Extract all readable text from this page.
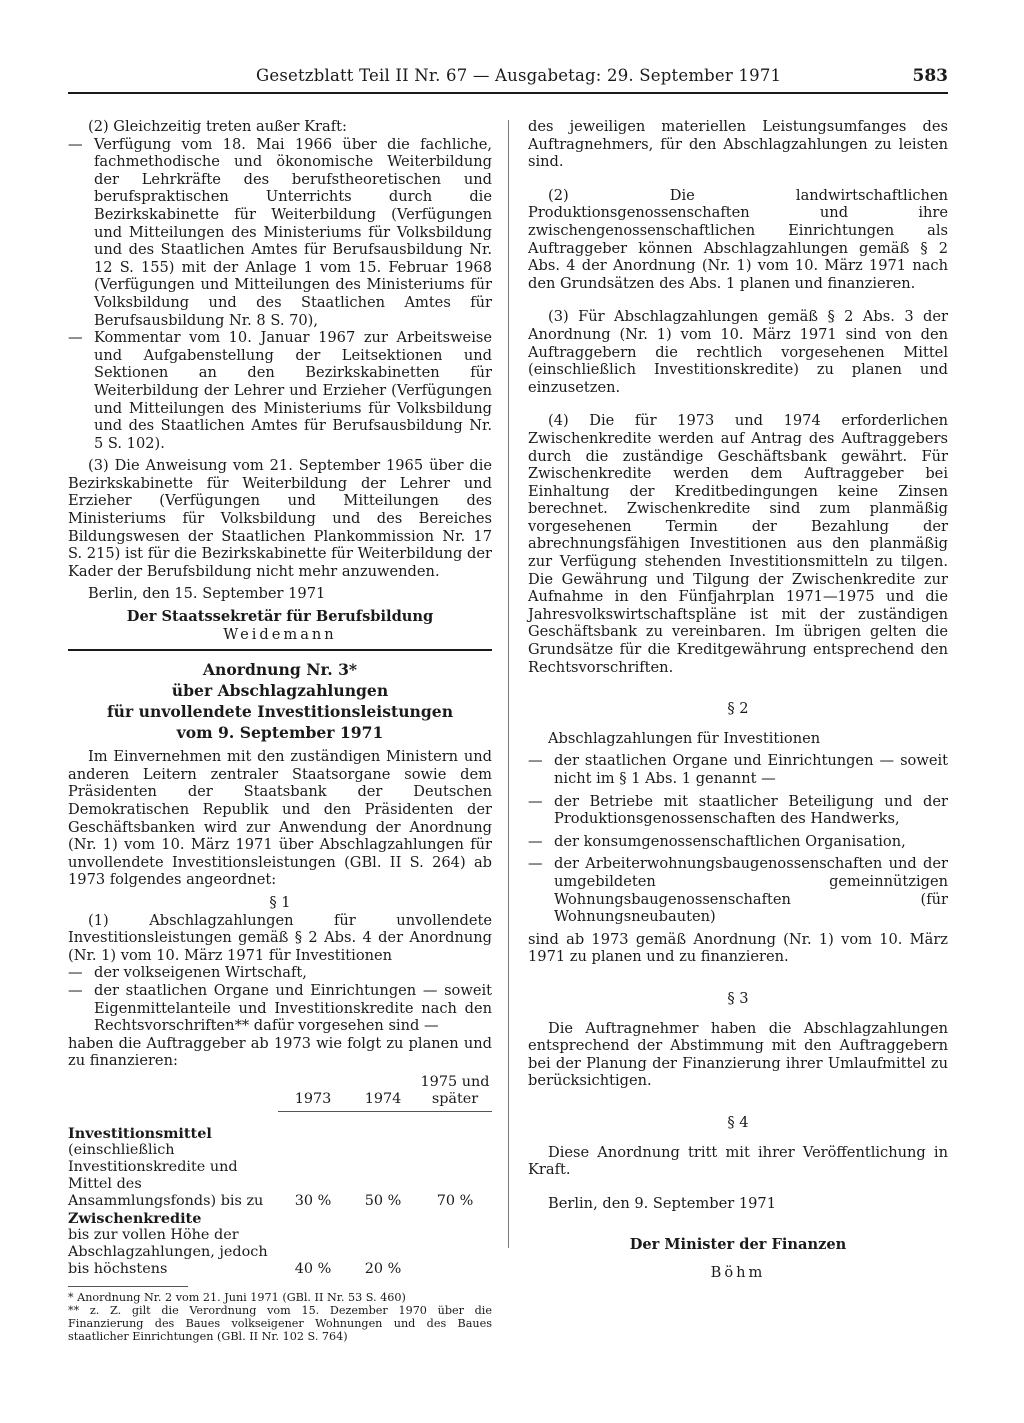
Gesetzblatt Teil II Nr. 67 — Ausgabetag: 29. September 1971	583

(2) Gleichzeitig treten außer Kraft:

— Verfügung vom 18. Mai 1966 über die fachliche, fachmethodische und ökonomische Weiterbildung der Lehrkräfte des berufstheoretischen und berufspraktischen Unterrichts durch die Bezirkskabinette für Weiterbildung (Verfügungen und Mitteilungen des Ministeriums für Volksbildung und des Staatlichen Amtes für Berufsausbildung Nr. 12 S. 155) mit der Anlage 1 vom 15. Februar 1968 (Verfügungen und Mitteilungen des Ministeriums für Volksbildung und des Staatlichen Amtes für Berufsausbildung Nr. 8 S. 70),
— Kommentar vom 10. Januar 1967 zur Arbeitsweise und Aufgabenstellung der Leitsektionen und Sektionen an den Bezirkskabinetten für Weiterbildung der Lehrer und Erzieher (Verfügungen und Mitteilungen des Ministeriums für Volksbildung und des Staatlichen Amtes für Berufsausbildung Nr. 5 S. 102).

(3) Die Anweisung vom 21. September 1965 über die Bezirkskabinette für Weiterbildung der Lehrer und Erzieher (Verfügungen und Mitteilungen des Ministeriums für Volksbildung und des Bereiches Bildungswesen der Staatlichen Plankommission Nr. 17 S. 215) ist für die Bezirkskabinette für Weiterbildung der Kader der Berufsbildung nicht mehr anzuwenden.

Berlin, den 15. September 1971

Der Staatssekretär für Berufsbildung

Weidemann

Anordnung Nr. 3*
über Abschlagzahlungen
für unvollendete Investitionsleistungen
vom 9. September 1971

Im Einvernehmen mit den zuständigen Ministern und anderen Leitern zentraler Staatsorgane sowie dem Präsidenten der Staatsbank der Deutschen Demokratischen Republik und den Präsidenten der Geschäftsbanken wird zur Anwendung der Anordnung (Nr. 1) vom 10. März 1971 über Abschlagzahlungen für unvollendete Investitionsleistungen (GBl. II S. 264) ab 1973 folgendes angeordnet:

§ 1

(1) Abschlagzahlungen für unvollendete Investitionsleistungen gemäß § 2 Abs. 4 der Anordnung (Nr. 1) vom 10. März 1971 für Investitionen

— der volkseigenen Wirtschaft,
— der staatlichen Organe und Einrichtungen — soweit Eigenmittelanteile und Investitionskredite nach den Rechtsvorschriften** dafür vorgesehen sind —

haben die Auftraggeber ab 1973 wie folgt zu planen und zu finanzieren:

	1973	1974	1975 und später

Investitionsmittel
(einschließlich Investitionskredite und Mittel des Ansammlungsfonds) bis zu	30 %	50 %	70 %

Zwischenkredite
bis zur vollen Höhe der Abschlagzahlungen, jedoch bis höchstens	40 %	20 %	

* Anordnung Nr. 2 vom 21. Juni 1971 (GBl. II Nr. 53 S. 460)

** z. Z. gilt die Verordnung vom 15. Dezember 1970 über die Finanzierung des Baues volkseigener Wohnungen und des Baues staatlicher Einrichtungen (GBl. II Nr. 102 S. 764)

des jeweiligen materiellen Leistungsumfanges des Auftragnehmers, für den Abschlagzahlungen zu leisten sind.

(2) Die landwirtschaftlichen Produktionsgenossenschaften und ihre zwischengenossenschaftlichen Einrichtungen als Auftraggeber können Abschlagzahlungen gemäß § 2 Abs. 4 der Anordnung (Nr. 1) vom 10. März 1971 nach den Grundsätzen des Abs. 1 planen und finanzieren.

(3) Für Abschlagzahlungen gemäß § 2 Abs. 3 der Anordnung (Nr. 1) vom 10. März 1971 sind von den Auftraggebern die rechtlich vorgesehenen Mittel (einschließlich Investitionskredite) zu planen und einzusetzen.

(4) Die für 1973 und 1974 erforderlichen Zwischenkredite werden auf Antrag des Auftraggebers durch die zuständige Geschäftsbank gewährt. Für Zwischenkredite werden dem Auftraggeber bei Einhaltung der Kreditbedingungen keine Zinsen berechnet. Zwischenkredite sind zum planmäßig vorgesehenen Termin der Bezahlung der abrechnungsfähigen Investitionen aus den planmäßig zur Verfügung stehenden Investitionsmitteln zu tilgen. Die Gewährung und Tilgung der Zwischenkredite zur Aufnahme in den Fünfjahrplan 1971—1975 und die Jahresvolkswirtschaftspläne ist mit der zuständigen Geschäftsbank zu vereinbaren. Im übrigen gelten die Grundsätze für die Kreditgewährung entsprechend den Rechtsvorschriften.

§ 2

Abschlagzahlungen für Investitionen

— der staatlichen Organe und Einrichtungen — soweit nicht im § 1 Abs. 1 genannt —
— der Betriebe mit staatlicher Beteiligung und der Produktionsgenossenschaften des Handwerks,
— der konsumgenossenschaftlichen Organisation,
— der Arbeiterwohnungsbaugenossenschaften und der umgebildeten gemeinnützigen Wohnungsbaugenossenschaften (für Wohnungsneubauten)

sind ab 1973 gemäß Anordnung (Nr. 1) vom 10. März 1971 zu planen und zu finanzieren.

§ 3

Die Auftragnehmer haben die Abschlagzahlungen entsprechend der Abstimmung mit den Auftraggebern bei der Planung der Finanzierung ihrer Umlaufmittel zu berücksichtigen.

§ 4

Diese Anordnung tritt mit ihrer Veröffentlichung in Kraft.

Berlin, den 9. September 1971

Der Minister der Finanzen

Böhm
